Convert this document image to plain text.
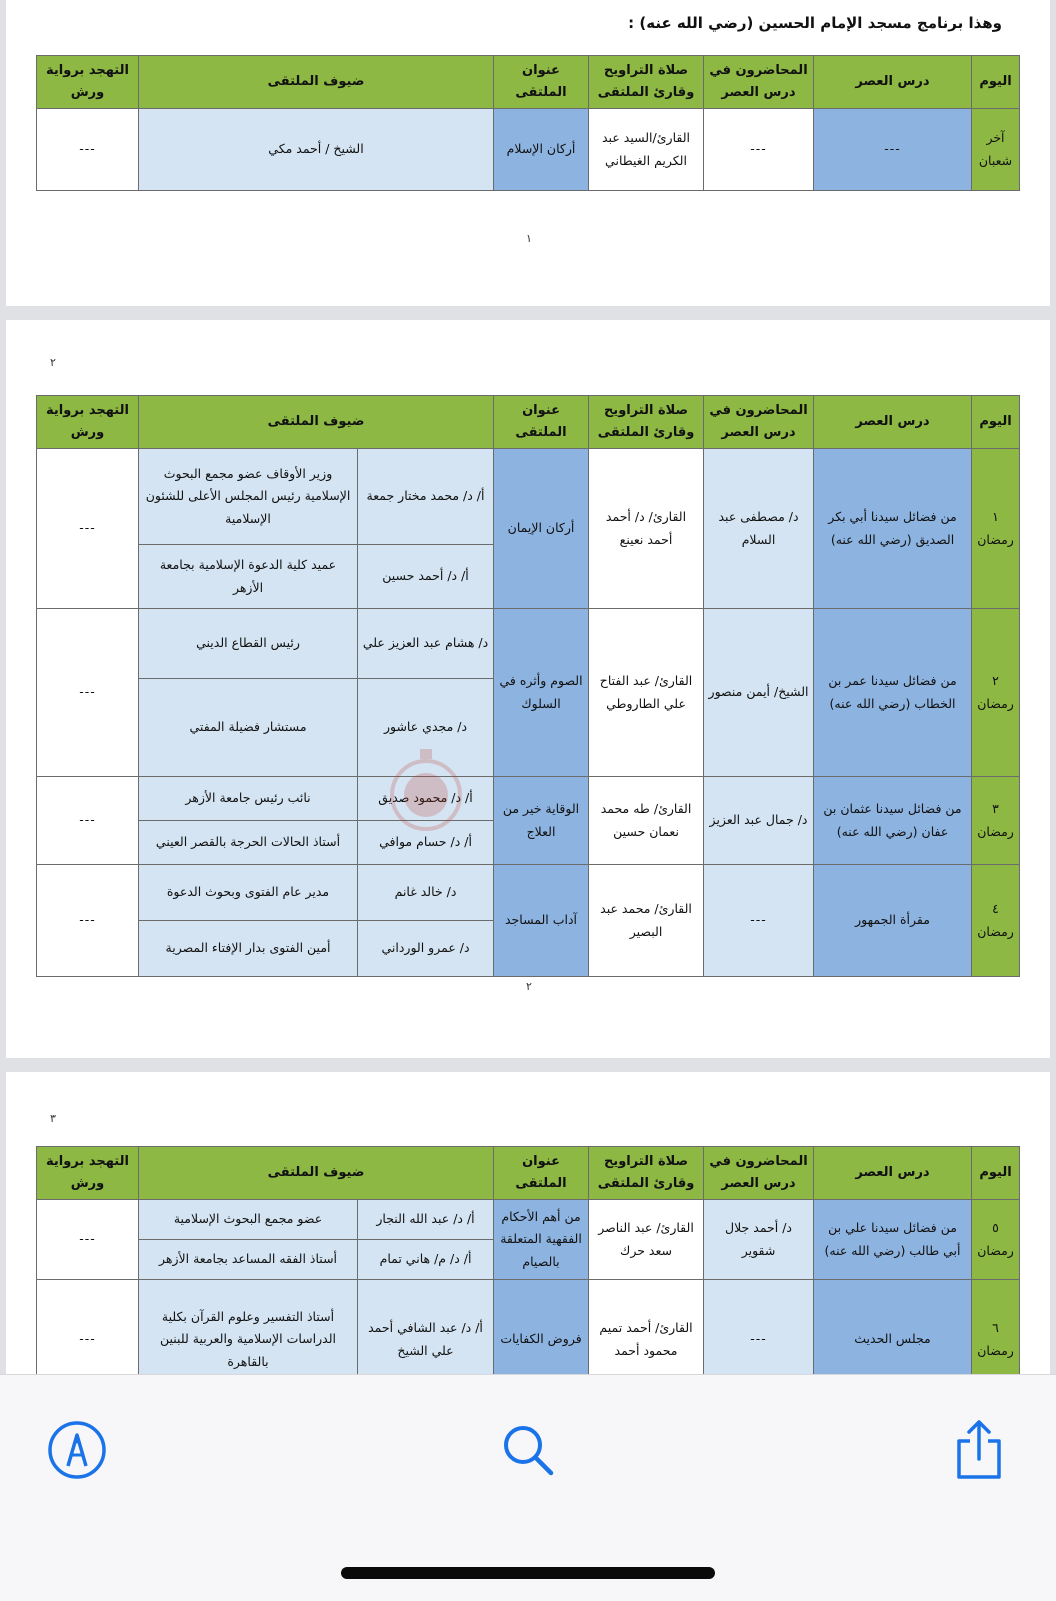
وهذا برنامج مسجد الإمام الحسين (رضي الله عنه) :
اليوم	درس العصر	المحاضرون في درس العصر	صلاة التراويح وقارئ الملتقى	عنوان الملتقى	ضيوف الملتقى	التهجد برواية ورش
آخر شعبان	---	---	القارئ/السيد عبد الكريم الغيطاني	أركان الإسلام	الشيخ / أحمد مكي	---
١
٢
اليوم	درس العصر	المحاضرون في درس العصر	صلاة التراويح وقارئ الملتقى	عنوان الملتقى	ضيوف الملتقى		التهجد برواية ورش
١ رمضان	من فضائل سيدنا أبي بكر الصديق (رضي الله عنه)	د/ مصطفى عبد السلام	القارئ/ د/ أحمد أحمد نعينع	أركان الإيمان	أ/ د/ محمد مختار جمعة	وزير الأوقاف عضو مجمع البحوث الإسلامية رئيس المجلس الأعلى للشئون الإسلامية	---
					أ/ د/ أحمد حسين	عميد كلية الدعوة الإسلامية بجامعة الأزهر	
٢ رمضان	من فضائل سيدنا عمر بن الخطاب (رضي الله عنه)	الشيخ/ أيمن منصور	القارئ/ عبد الفتاح علي الطاروطي	الصوم وأثره في السلوك	د/ هشام عبد العزيز علي	رئيس القطاع الديني	---
					د/ مجدي عاشور	مستشار فضيلة المفتي	
٣ رمضان	من فضائل سيدنا عثمان بن عفان (رضي الله عنه)	د/ جمال عبد العزيز	القارئ/ طه محمد نعمان حسين	الوقاية خير من العلاج	أ/ د/ محمود صديق	نائب رئيس جامعة الأزهر	---
					أ/ د/ حسام موافي	أستاذ الحالات الحرجة بالقصر العيني	
٤ رمضان	مقرأة الجمهور	---	القارئ/ محمد عبد البصير	آداب المساجد	د/ خالد غانم	مدير عام الفتوى وبحوث الدعوة	---
					د/ عمرو الورداني	أمين الفتوى بدار الإفتاء المصرية	
٢
٣
اليوم	درس العصر	المحاضرون في درس العصر	صلاة التراويح وقارئ الملتقى	عنوان الملتقى	ضيوف الملتقى		التهجد برواية ورش
٥ رمضان	من فضائل سيدنا علي بن أبي طالب (رضي الله عنه)	د/ أحمد جلال شقوير	القارئ/ عبد الناصر سعد حرك	من أهم الأحكام الفقهية المتعلقة بالصيام	أ/ د/ عبد الله النجار	عضو مجمع البحوث الإسلامية	---
					أ/ د/ م/ هاني تمام	أستاذ الفقه المساعد بجامعة الأزهر	
٦ رمضان	مجلس الحديث	---	القارئ/ أحمد تميم محمود أحمد	فروض الكفايات	أ/ د/ عبد الشافي أحمد علي الشيخ	أستاذ التفسير وعلوم القرآن بكلية الدراسات الإسلامية والعربية للبنين بالقاهرة	---
